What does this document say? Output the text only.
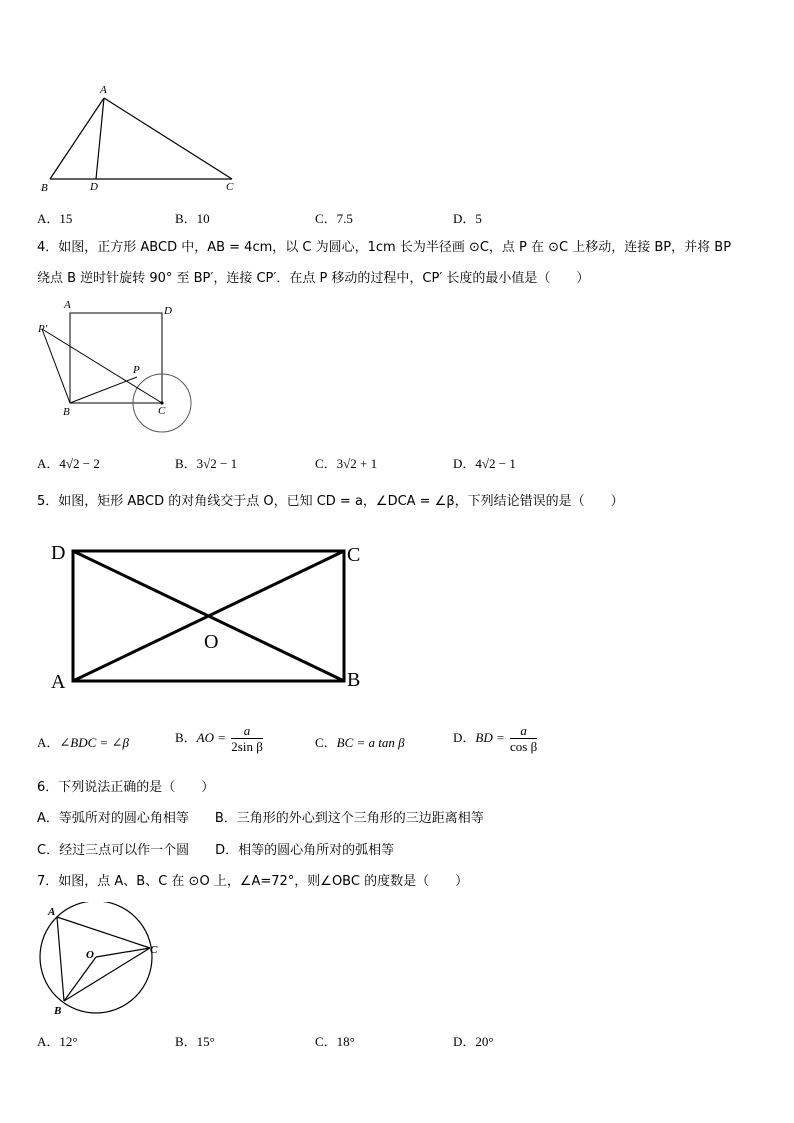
A
B	D	C
A．15	B．10	C．7.5	D．5
4．如图，正方形 ABCD 中，AB = 4cm，以 C 为圆心，1cm 长为半径画 ⊙C，点 P 在 ⊙C 上移动，连接 BP，并将 BP
绕点 B 逆时针旋转 90° 至 BP′，连接 CP′．在点 P 移动的过程中，CP′ 长度的最小值是（　　）
A	D
P′
P
B	C
A．4√2 − 2	B．3√2 − 1	C．3√2 + 1	D．4√2 − 1
5．如图，矩形 ABCD 的对角线交于点 O，已知 CD = a，∠DCA = ∠β，下列结论错误的是（　　）
D	C
O
A	B
A．∠BDC = ∠β	B．AO = $\frac{a}{\text{2sin β}}$	C．BC = a tan β	D．BD = $\frac{a}{\text{cos β}}$
6．下列说法正确的是（　　）
A．等弧所对的圆心角相等　　B．三角形的外心到这个三角形的三边距离相等
C．经过三点可以作一个圆　　D．相等的圆心角所对的弧相等
7．如图，点 A、B、C 在 ⊙O 上，∠A=72°，则∠OBC 的度数是（　　）
A
O	C
B
A．12°	B．15°	C．18°	D．20°
